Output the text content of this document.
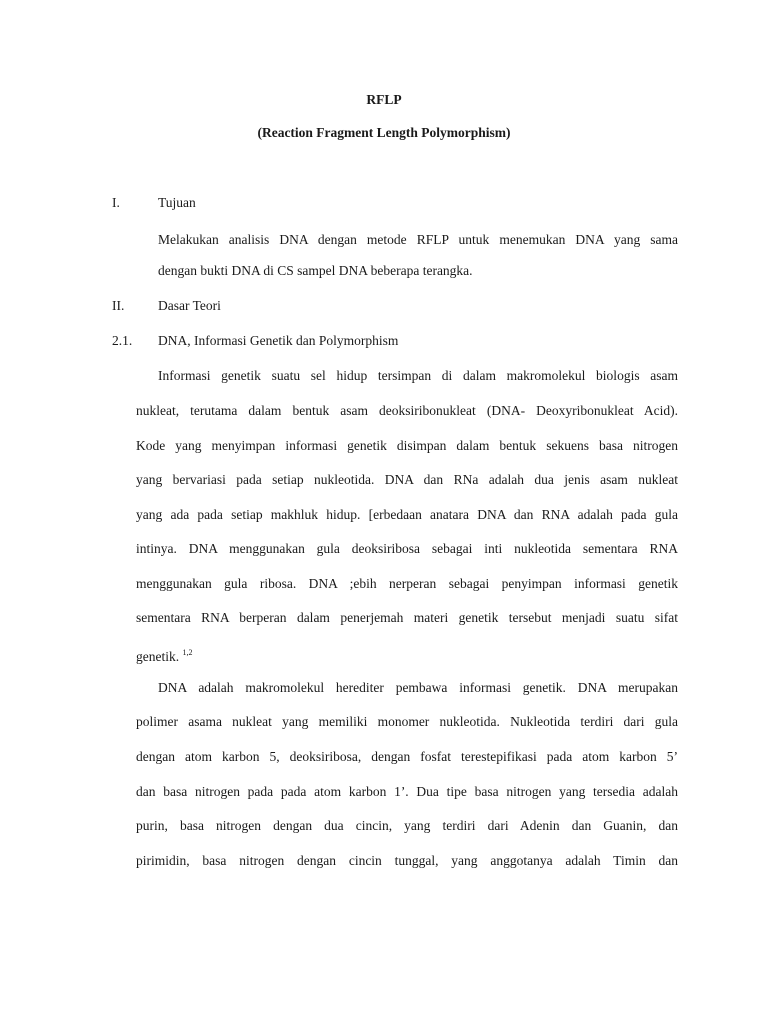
RFLP
(Reaction Fragment Length Polymorphism)
I.	Tujuan
Melakukan analisis DNA dengan metode RFLP untuk menemukan DNA yang sama
dengan bukti DNA di CS sampel DNA beberapa terangka.
II. Dasar Teori
2.1. DNA, Informasi Genetik dan Polymorphism
Informasi genetik suatu sel hidup tersimpan di dalam makromolekul biologis asam
nukleat, terutama dalam bentuk asam deoksiribonukleat (DNA- Deoxyribonukleat Acid).
Kode yang menyimpan informasi genetik disimpan dalam bentuk sekuens basa nitrogen
yang bervariasi pada setiap nukleotida. DNA dan RNa adalah dua jenis asam nukleat
yang ada pada setiap makhluk hidup. [erbedaan anatara DNA dan RNA adalah pada gula
intinya. DNA menggunakan gula deoksiribosa sebagai inti nukleotida sementara RNA
menggunakan gula ribosa. DNA ;ebih nerperan sebagai penyimpan informasi genetik
sementara RNA berperan dalam penerjemah materi genetik tersebut menjadi suatu sifat
genetik. $^{1,2}$
DNA adalah makromolekul herediter pembawa informasi genetik. DNA merupakan
polimer asama nukleat yang memiliki monomer nukleotida. Nukleotida terdiri dari gula
dengan atom karbon 5, deoksiribosa, dengan fosfat terestерifikasi pada atom karbon 5’
dan basa nitrogen pada pada atom karbon 1’. Dua tipe basa nitrogen yang tersedia adalah
purin, basa nitrogen dengan dua cincin, yang terdiri dari Adenin dan Guanin, dan
pirimidin, basa nitrogen dengan cincin tunggal, yang anggotanya adalah Timin dan
